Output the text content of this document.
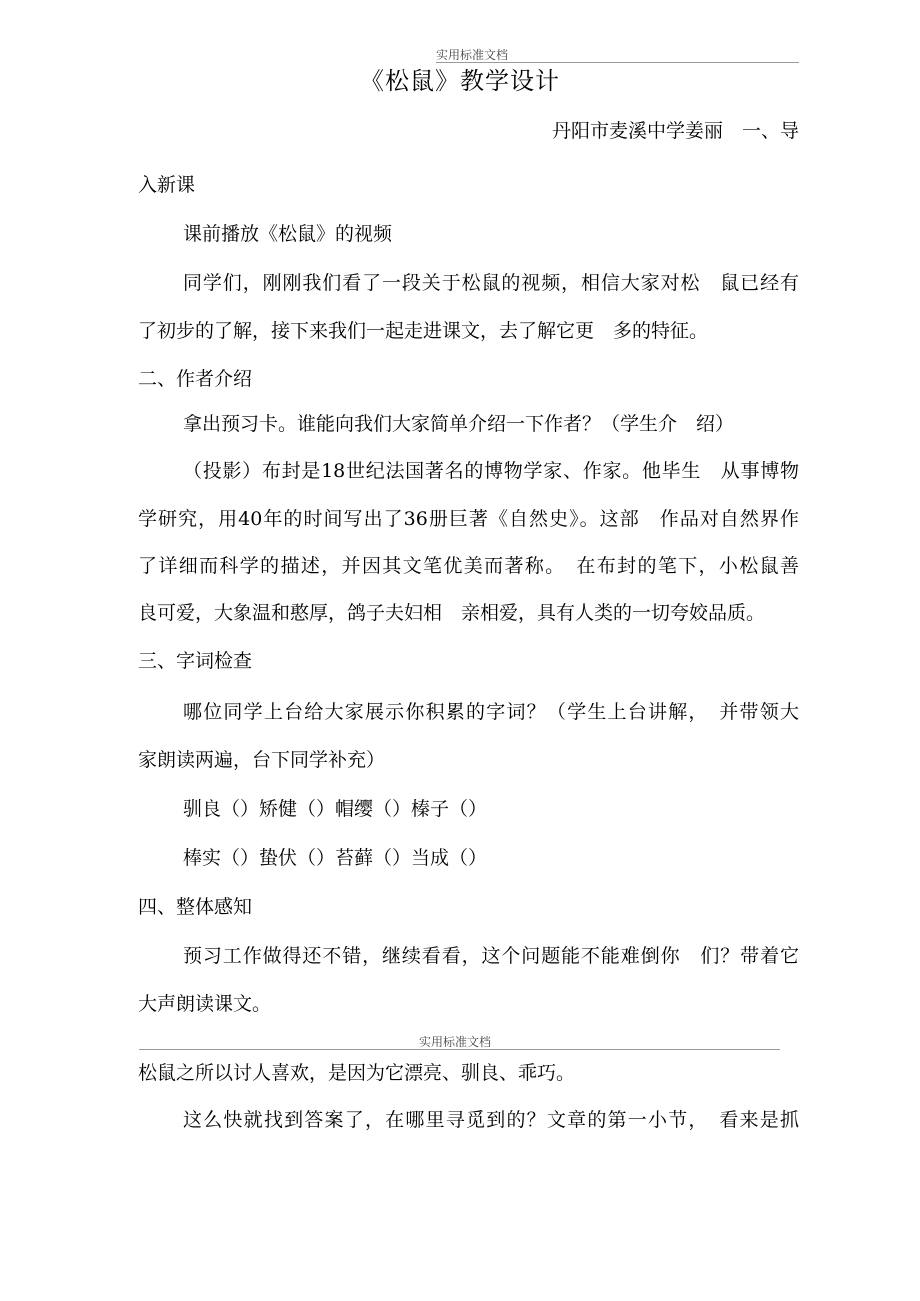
实用标准文档
《松鼠》教学设计
丹阳市麦溪中学姜丽　一、导
入新课
课前播放《松鼠》的视频
同学们，刚刚我们看了一段关于松鼠的视频，相信大家对松　鼠已经有
了初步的了解，接下来我们一起走进课文，去了解它更　多的特征。
二、作者介绍
拿出预习卡。谁能向我们大家简单介绍一下作者？（学生介　绍）
（投影）布封是18世纪法国著名的博物学家、作家。他毕生　从事博物
学研究，用40年的时间写出了36册巨著《自然史》。这部　作品对自然界作
了详细而科学的描述，并因其文笔优美而著称。　在布封的笔下，小松鼠善
良可爱，大象温和憨厚，鸽子夫妇相　亲相爱，具有人类的一切夸姣品质。
三、字词检查
哪位同学上台给大家展示你积累的字词？（学生上台讲解，　并带领大
家朗读两遍，台下同学补充）
驯良（）矫健（）帽缨（）榛子（）
棒实（）蛰伏（）苔藓（）当成（）
四、整体感知
预习工作做得还不错，继续看看，这个问题能不能难倒你　们？带着它
大声朗读课文。
实用标准文档
松鼠之所以讨人喜欢，是因为它漂亮、驯良、乖巧。
这么快就找到答案了，在哪里寻觅到的？文章的第一小节，　看来是抓
